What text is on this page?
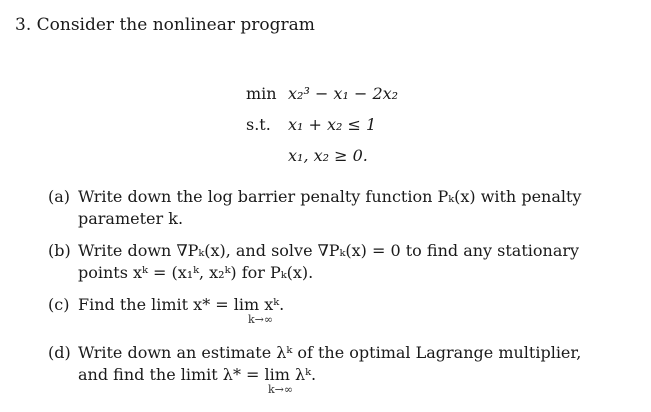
3. Consider the nonlinear program
min x₂³ − x₁ − 2x₂
s.t. x₁ + x₂ ≤ 1
x₁, x₂ ≥ 0.
(a) Write down the log barrier penalty function Pₖ(x) with penalty parameter k.
(b) Write down ∇Pₖ(x), and solve ∇Pₖ(x) = 0 to find any stationary points xᵏ = (x₁ᵏ, x₂ᵏ) for Pₖ(x).
(c) Find the limit x* = lim xᵏ.
k→∞
(d) Write down an estimate λᵏ of the optimal Lagrange multiplier, and find the limit λ* = lim λᵏ.
k→∞
